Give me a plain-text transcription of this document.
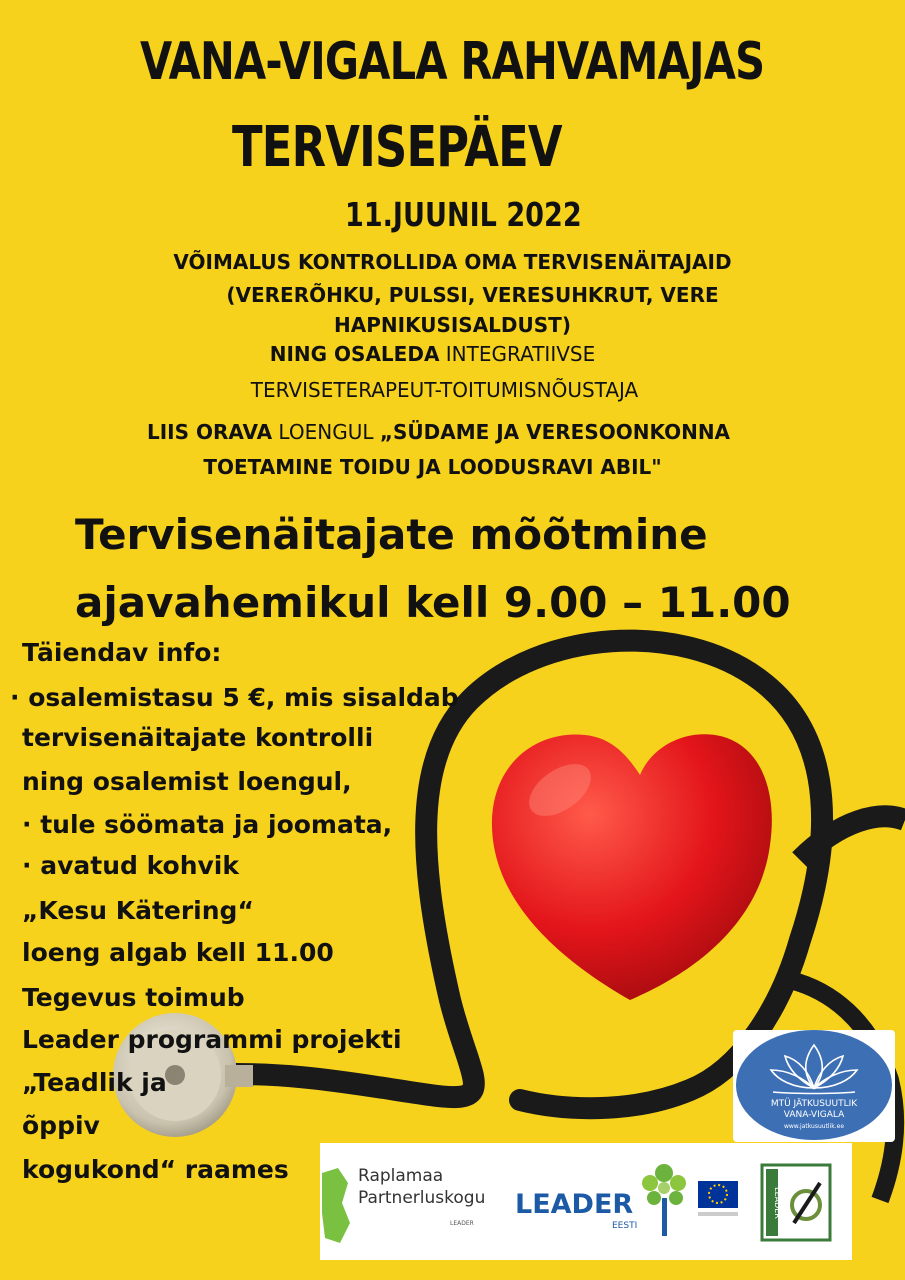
VANA-VIGALA RAHVAMAJAS
TERVISEPÄEV
11.JUUNIL 2022
VÕIMALUS KONTROLLIDA OMA TERVISENÄITAJAID
(VERERÕHKU, PULSSI, VERESUHKRUT, VERE
HAPNIKUSISALDUST)
NING OSALEDA INTEGRATIIVSE
TERVISETERAPEUT-TOITUMISNÕUSTAJA
LIIS ORAVA LOENGUL „SÜDAME JA VERESOONKONNA
TOETAMINE TOIDU JA LOODUSRAVI ABIL"
Tervisenäitajate mõõtmine
ajavahemikul kell 9.00 – 11.00
Täiendav info:
· osalemistasu 5 €, mis sisaldab
tervisenäitajate kontrolli
ning osalemist loengul,
· tule söömata ja joomata,
· avatud kohvik
„Kesu Kätering“
loeng algab kell 11.00
Tegevus toimub
Leader programmi projekti
„Teadlik ja
õppiv
kogukond“ raames
MTÜ JÄTKUSUUTLIK
VANA-VIGALA
www.jatkusuutlik.ee
Raplamaa
Partnerluskogu
LEADER
LEADER
EESTI
LEADER
